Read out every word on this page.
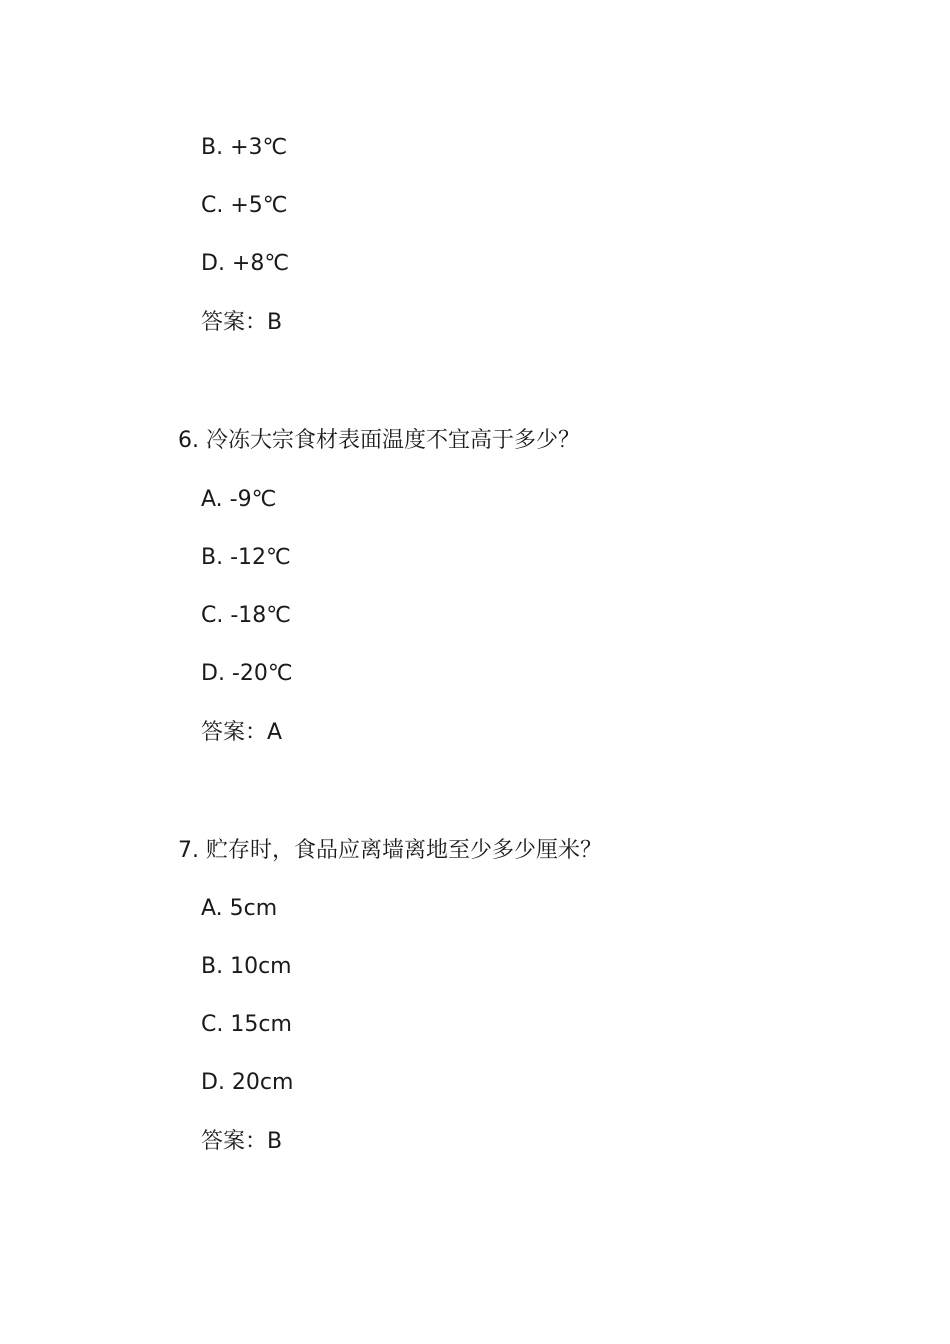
B. +3℃
C. +5℃
D. +8℃
答案：B
6. 冷冻大宗食材表面温度不宜高于多少？
A. -9℃
B. -12℃
C. -18℃
D. -20℃
答案：A
7. 贮存时，食品应离墙离地至少多少厘米？
A. 5cm
B. 10cm
C. 15cm
D. 20cm
答案：B
